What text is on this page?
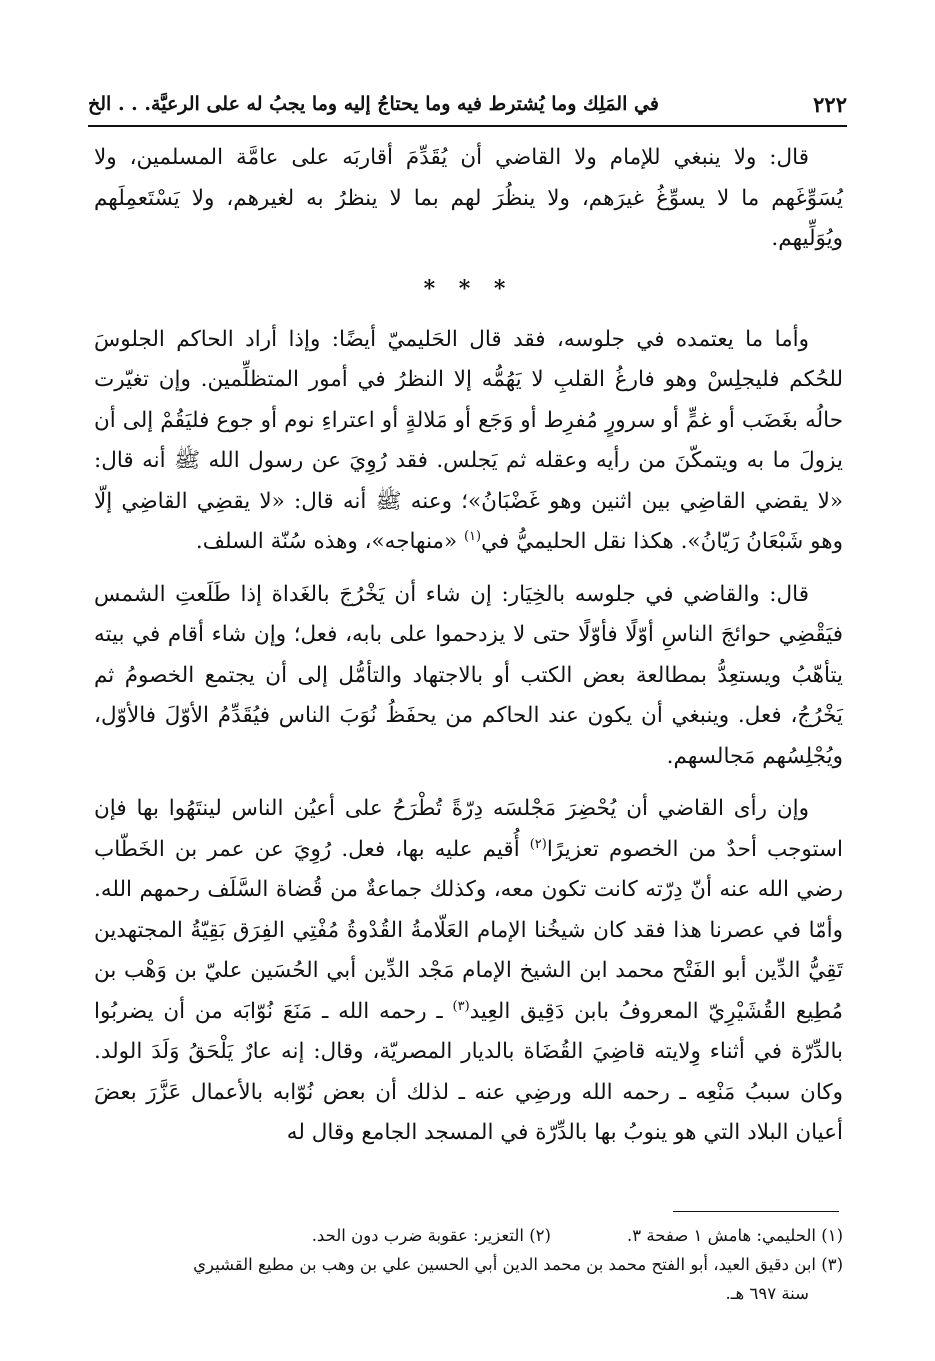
٢٢٢
في المَلِك وما يُشترط فيه وما يحتاجُ إليه وما يجبُ له على الرعيَّة. . . الخ

قال: ولا ينبغي للإمام ولا القاضي أن يُقَدِّمَ أقاربَه على عامَّة المسلمين، ولا يُسَوِّغَهم ما لا يسوِّغُ غيرَهم، ولا ينظُرَ لهم بما لا ينظرُ به لغيرهم، ولا يَسْتَعمِلَهم ويُوَلِّيهم.

* * *

وأما ما يعتمده في جلوسه، فقد قال الحَليميّ أيضًا: وإذا أراد الحاكم الجلوسَ للحُكم فليجلِسْ وهو فارغُ القلبِ لا يَهُمُّه إلا النظرُ في أمور المتظلِّمين. وإن تغيّرت حالُه بغَضَب أو غمٍّ أو سرورٍ مُفرِط أو وَجَع أو مَلالةٍ أو اعتراءِ نوم أو جوع فليَقُمْ إلى أن يزولَ ما به ويتمكّنَ من رأيه وعقله ثم يَجلس. فقد رُوِيَ عن رسول الله ﷺ أنه قال: «لا يقضي القاضِي بين اثنين وهو غَضْبَانُ»؛ وعنه ﷺ أنه قال: «لا يقضِي القاضِي إلّا وهو شَبْعَانُ رَيّانُ». هكذا نقل الحليميُّ في$^{(١)}$ «منهاجه»، وهذه سُنّة السلف.

قال: والقاضي في جلوسه بالخِيَار: إن شاء أن يَخْرُجَ بالغَداة إذا طَلَعتِ الشمس فيَقْضِي حوائجَ الناسِ أوّلًا فأوّلًا حتى لا يزدحموا على بابه، فعل؛ وإن شاء أقام في بيته يتأهّبُ ويستعِدُّ بمطالعة بعض الكتب أو بالاجتهاد والتأمُّل إلى أن يجتمع الخصومُ ثم يَخْرُجُ، فعل. وينبغي أن يكون عند الحاكم من يحفَظُ نُوَبَ الناس فيُقَدِّمُ الأوّلَ فالأوّل، ويُجْلِسُهم مَجالسهم.

وإن رأى القاضي أن يُحْضِرَ مَجْلسَه دِرّةً تُطْرَحُ على أعيُن الناس لينتَهُوا بها فإن استوجب أحدٌ من الخصوم تعزيرًا$^{(٢)}$ أُقيم عليه بها، فعل. رُوِيَ عن عمر بن الخَطّاب رضي الله عنه أنّ دِرّته كانت تكون معه، وكذلك جماعةٌ من قُضاة السَّلَف رحمهم الله. وأمّا في عصرنا هذا فقد كان شيخُنا الإمام العَلّامةُ القُدْوةُ مُفْتِي الفِرَق بَقِيّةُ المجتهدين تَقِيُّ الدِّين أبو الفَتْح محمد ابن الشيخ الإمام مَجْد الدِّين أبي الحُسَين عليّ بن وَهْب بن مُطِيع القُشَيْرِيّ المعروفُ بابن دَقِيق العِيد$^{(٣)}$ ـ رحمه الله ـ مَنَعَ نُوّابَه من أن يضربُوا بالدِّرّة في أثناء وِلايته قاضِيَ القُضَاة بالديار المصريّة، وقال: إنه عارٌ يَلْحَقُ وَلَدَ الولد. وكان سببُ مَنْعِه ـ رحمه الله ورضِي عنه ـ لذلك أن بعض نُوّابه بالأعمال عَزَّرَ بعضَ أعيان البلاد التي هو ينوبُ بها بالدِّرّة في المسجد الجامع وقال له

(١) الحليمي: هامش ١ صفحة ٣.
(٢) التعزير: عقوبة ضرب دون الحد.

(٣) ابن دقيق العيد، أبو الفتح محمد بن محمد الدين أبي الحسين علي بن وهب بن مطيع القشيري

سنة ٦٩٧ هـ.
